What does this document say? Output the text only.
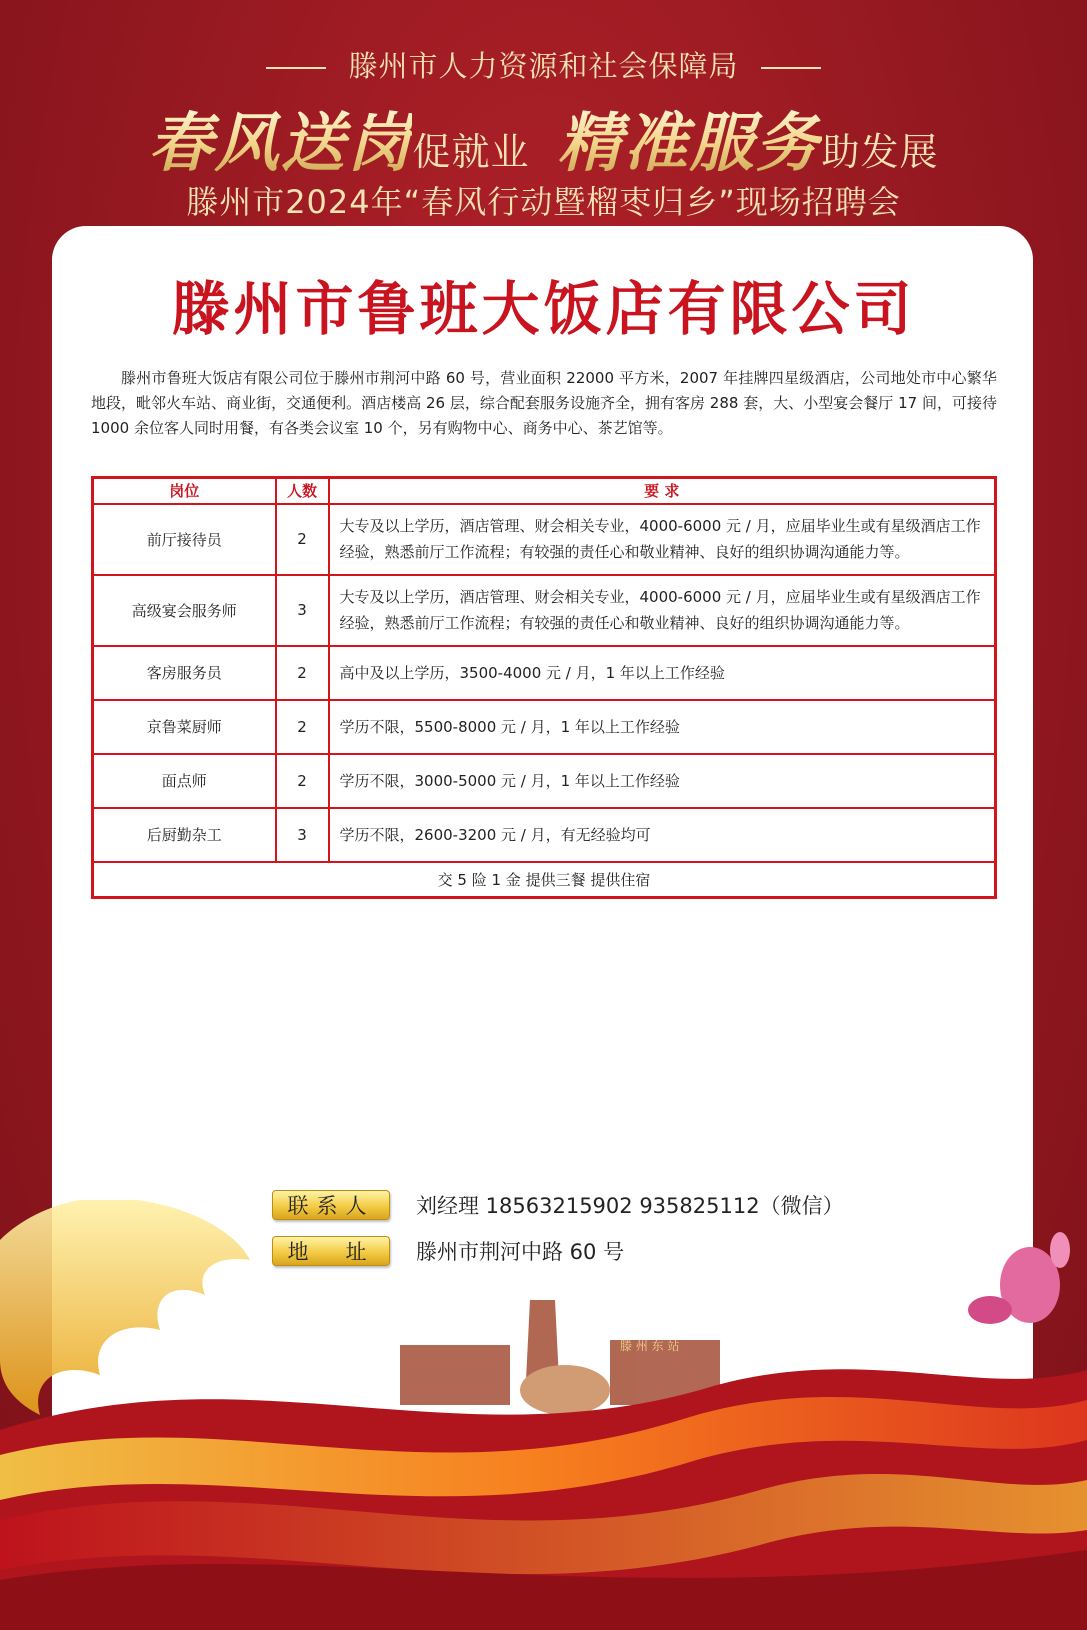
滕州市人力资源和社会保障局
春风送岗促就业 精准服务助发展
滕州市2024年“春风行动暨榴枣归乡”现场招聘会
滕州市鲁班大饭店有限公司
滕州市鲁班大饭店有限公司位于滕州市荆河中路 60 号，营业面积 22000 平方米，2007 年挂牌四星级酒店，公司地处市中心繁华地段，毗邻火车站、商业街，交通便利。酒店楼高 26 层，综合配套服务设施齐全，拥有客房 288 套，大、小型宴会餐厅 17 间，可接待 1000 余位客人同时用餐，有各类会议室 10 个，另有购物中心、商务中心、茶艺馆等。
岗位	人数	要 求
前厅接待员	2	大专及以上学历，酒店管理、财会相关专业，4000-6000 元 / 月，应届毕业生或有星级酒店工作经验，熟悉前厅工作流程；有较强的责任心和敬业精神、良好的组织协调沟通能力等。
高级宴会服务师	3	大专及以上学历，酒店管理、财会相关专业，4000-6000 元 / 月，应届毕业生或有星级酒店工作经验，熟悉前厅工作流程；有较强的责任心和敬业精神、良好的组织协调沟通能力等。
客房服务员	2	高中及以上学历，3500-4000 元 / 月，1 年以上工作经验
京鲁菜厨师	2	学历不限，5500-8000 元 / 月，1 年以上工作经验
面点师	2	学历不限，3000-5000 元 / 月，1 年以上工作经验
后厨勤杂工	3	学历不限，2600-3200 元 / 月，有无经验均可
交 5 险 1 金 提供三餐 提供住宿		
滕 州 东 站
联系人	刘经理 18563215902 935825112（微信）
地　址	滕州市荆河中路 60 号
